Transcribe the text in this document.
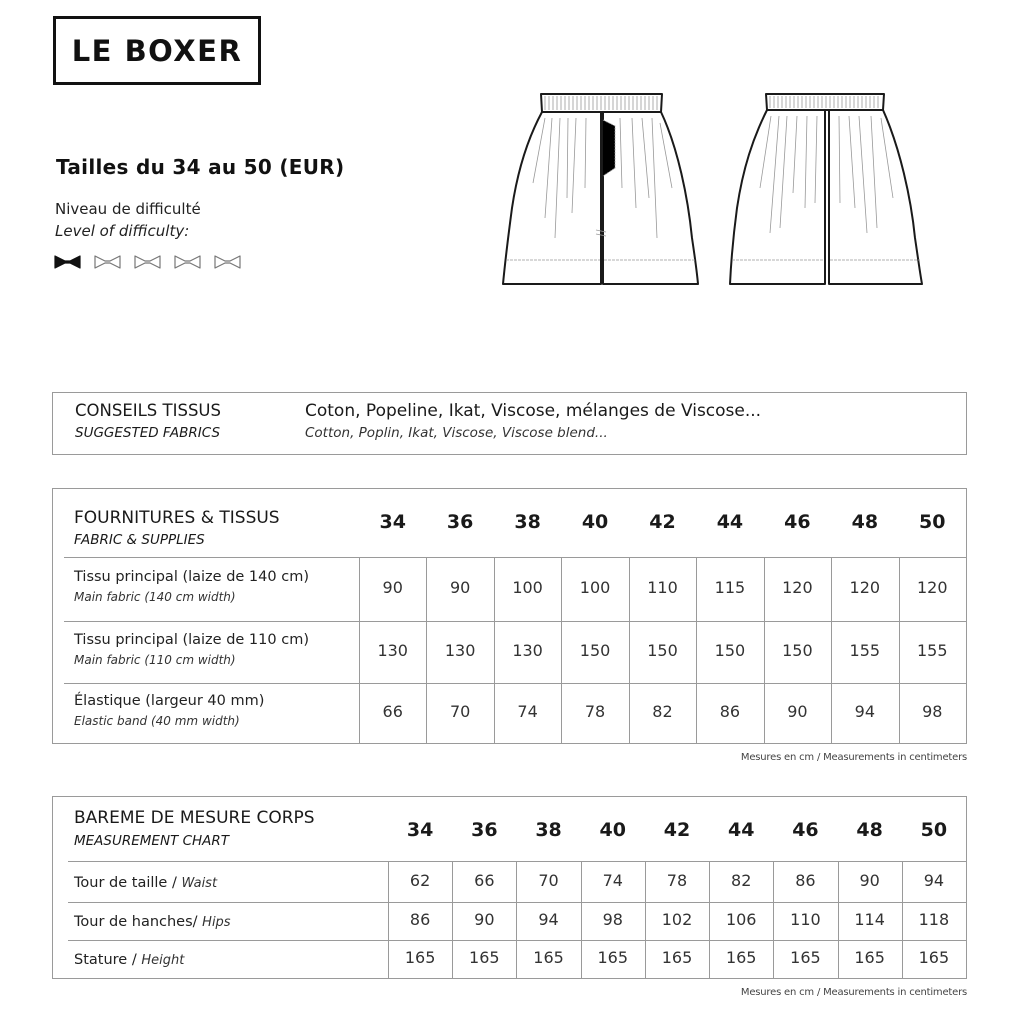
LE BOXER
Tailles du 34 au 50 (EUR)
Niveau de difficulté
Level of difficulty:
CONSEILS TISSUS
SUGGESTED FABRICS
Coton, Popeline, Ikat, Viscose, mélanges de Viscose...
Cotton, Poplin, Ikat, Viscose, Viscose blend...
FOURNITURES & TISSUS
FABRIC & SUPPLIES
34	36	38	40	42	44	46	48	50
Tissu principal (laize de 140 cm)
Main fabric (140 cm width)	90	90	100	100	110	115	120	120	120
Tissu principal (laize de 110 cm)
Main fabric (110 cm width)	130	130	130	150	150	150	150	155	155
Élastique (largeur 40 mm)
Elastic band (40 mm width)	66	70	74	78	82	86	90	94	98
Mesures en cm / Measurements in centimeters
BAREME DE MESURE CORPS
MEASUREMENT CHART	34	36	38	40	42	44	46	48	50
Tour de taille / Waist	62	66	70	74	78	82	86	90	94
Tour de hanches/ Hips	86	90	94	98	102	106	110	114	118
Stature / Height	165	165	165	165	165	165	165	165	165
Mesures en cm / Measurements in centimeters
